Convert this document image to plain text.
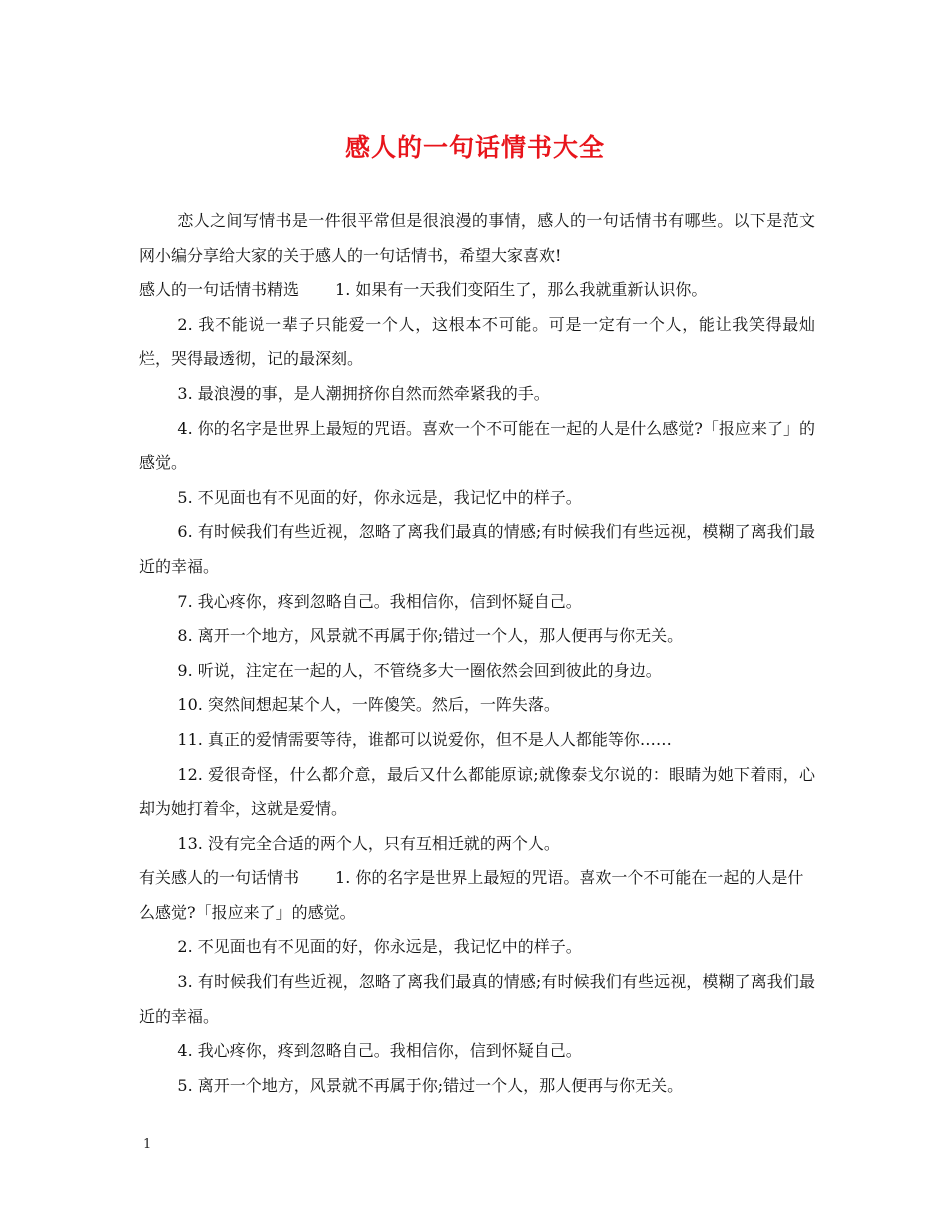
感人的一句话情书大全

恋人之间写情书是一件很平常但是很浪漫的事情，感人的一句话情书有哪些。以下是范文网小编分享给大家的关于感人的一句话情书，希望大家喜欢!

感人的一句话情书精选 1. 如果有一天我们变陌生了，那么我就重新认识你。

2. 我不能说一辈子只能爱一个人，这根本不可能。可是一定有一个人，能让我笑得最灿烂，哭得最透彻，记的最深刻。

3. 最浪漫的事，是人潮拥挤你自然而然牵紧我的手。

4. 你的名字是世界上最短的咒语。喜欢一个不可能在一起的人是什么感觉?「报应来了」的感觉。

5. 不见面也有不见面的好，你永远是，我记忆中的样子。

6. 有时候我们有些近视，忽略了离我们最真的情感;有时候我们有些远视，模糊了离我们最近的幸福。

7. 我心疼你，疼到忽略自己。我相信你，信到怀疑自己。

8. 离开一个地方，风景就不再属于你;错过一个人，那人便再与你无关。

9. 听说，注定在一起的人，不管绕多大一圈依然会回到彼此的身边。

10. 突然间想起某个人，一阵傻笑。然后，一阵失落。

11. 真正的爱情需要等待，谁都可以说爱你，但不是人人都能等你……

12. 爱很奇怪，什么都介意，最后又什么都能原谅;就像泰戈尔说的：眼睛为她下着雨，心却为她打着伞，这就是爱情。

13. 没有完全合适的两个人，只有互相迁就的两个人。

有关感人的一句话情书 1. 你的名字是世界上最短的咒语。喜欢一个不可能在一起的人是什么感觉?「报应来了」的感觉。

2. 不见面也有不见面的好，你永远是，我记忆中的样子。

3. 有时候我们有些近视，忽略了离我们最真的情感;有时候我们有些远视，模糊了离我们最近的幸福。

4. 我心疼你，疼到忽略自己。我相信你，信到怀疑自己。

5. 离开一个地方，风景就不再属于你;错过一个人，那人便再与你无关。

1
